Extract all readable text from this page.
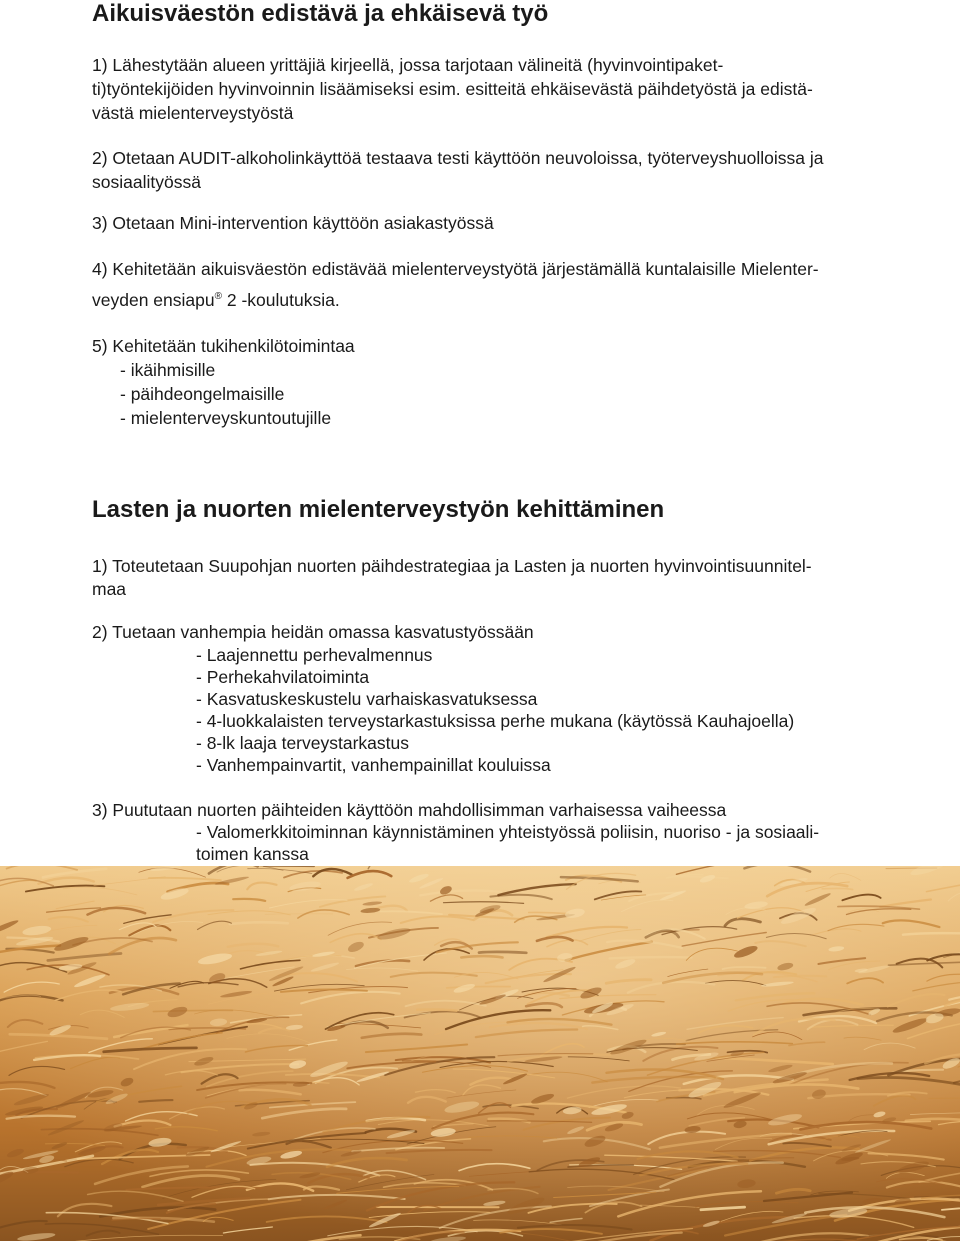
Aikuisväestön edistävä ja ehkäisevä työ

1) Lähestytään alueen yrittäjiä kirjeellä, jossa tarjotaan välineitä (hyvinvointipaket-

ti)työntekijöiden hyvinvoinnin lisäämiseksi esim. esitteitä ehkäisevästä päihdetyöstä ja edistä-

västä mielenterveystyöstä

2) Otetaan AUDIT-alkoholinkäyttöä testaava testi käyttöön neuvoloissa, työterveyshuolloissa ja

sosiaalityössä

3) Otetaan Mini-intervention käyttöön asiakastyössä

4) Kehitetään aikuisväestön edistävää mielenterveystyötä järjestämällä kuntalaisille Mielenter-

veyden ensiapu® 2 -koulutuksia.

5) Kehitetään tukihenkilötoimintaa

- ikäihmisille

- päihdeongelmaisille

- mielenterveyskuntoutujille

Lasten ja nuorten mielenterveystyön kehittäminen

1) Toteutetaan Suupohjan nuorten päihdestrategiaa ja Lasten ja nuorten hyvinvointisuunnitel-

maa

2) Tuetaan vanhempia heidän omassa kasvatustyössään

- Laajennettu perhevalmennus

- Perhekahvilatoiminta

- Kasvatuskeskustelu varhaiskasvatuksessa

- 4-luokkalaisten terveystarkastuksissa perhe mukana (käytössä Kauhajoella)

- 8-lk laaja terveystarkastus

- Vanhempainvartit, vanhempainillat kouluissa

3) Puututaan nuorten päihteiden käyttöön mahdollisimman varhaisessa vaiheessa

- Valomerkkitoiminnan käynnistäminen yhteistyössä poliisin, nuoriso - ja sosiaali-

toimen kanssa
